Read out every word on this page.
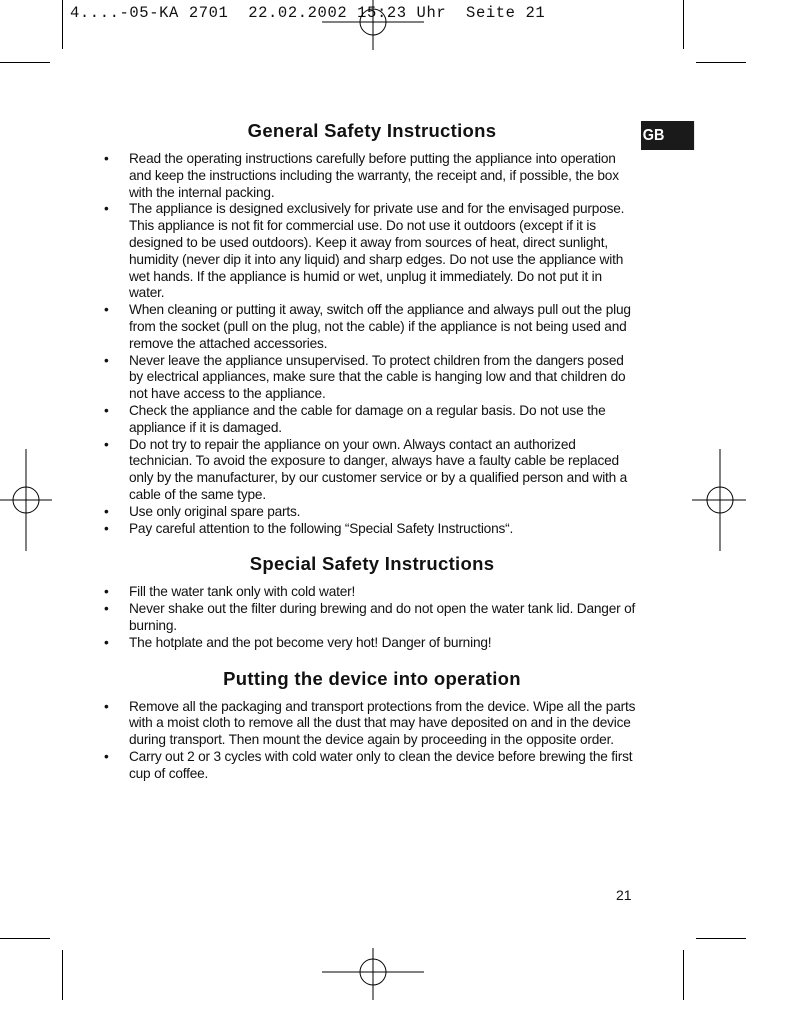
4....-05-KA 2701  22.02.2002 15:23 Uhr  Seite 21
GB
General Safety Instructions
• Read the operating instructions carefully before putting the appliance into operation and keep the instructions including the warranty, the receipt and, if possible, the box with the internal packing.
• The appliance is designed exclusively for private use and for the envisaged purpose. This appliance is not fit for commercial use. Do not use it outdoors (except if it is designed to be used outdoors). Keep it away from sources of heat, direct sunlight, humidity (never dip it into any liquid) and sharp edges. Do not use the appliance with wet hands. If the appliance is humid or wet, unplug it immediately. Do not put it in water.
• When cleaning or putting it away, switch off the appliance and always pull out the plug from the socket (pull on the plug, not the cable) if the appliance is not being used and remove the attached accessories.
• Never leave the appliance unsupervised. To protect children from the dangers posed by electrical appliances, make sure that the cable is hanging low and that children do not have access to the appliance.
• Check the appliance and the cable for damage on a regular basis. Do not use the appliance if it is damaged.
• Do not try to repair the appliance on your own. Always contact an authorized technician. To avoid the exposure to danger, always have a faulty cable be replaced only by the manufacturer, by our customer service or by a qualified person and with a cable of the same type.
• Use only original spare parts.
• Pay careful attention to the following “Special Safety Instructions“.
Special Safety Instructions
• Fill the water tank only with cold water!
• Never shake out the filter during brewing and do not open the water tank lid. Danger of burning.
• The hotplate and the pot become very hot! Danger of burning!
Putting the device into operation
• Remove all the packaging and transport protections from the device. Wipe all the parts with a moist cloth to remove all the dust that may have deposited on and in the device during transport. Then mount the device again by proceeding in the opposite order.
• Carry out 2 or 3 cycles with cold water only to clean the device before brewing the first cup of coffee.
21
